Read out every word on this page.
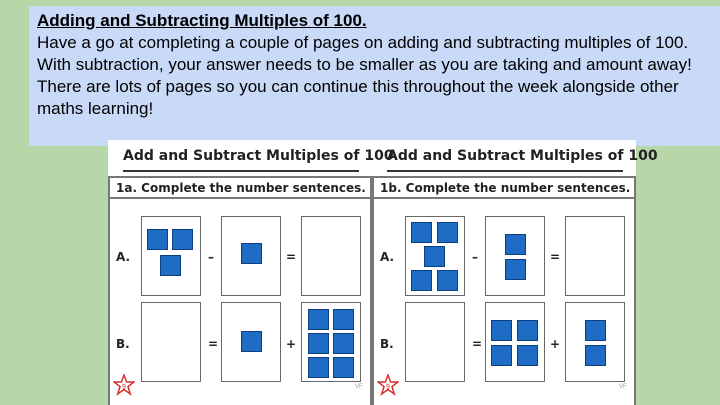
Adding and Subtracting Multiples of 100.

Have a go at completing a couple of pages on adding and subtracting multiples of 100. With subtraction, your answer needs to be smaller as you are taking and amount away!

There are lots of pages so you can continue this throughout the week alongside other maths learning!

Add and Subtract Multiples of 100
1a. Complete the number sentences.
A.	–	=
B.	=	+
9	VF
Add and Subtract Multiples of 100
1b. Complete the number sentences.
A.	–	=
B.	=	+
9	VF
